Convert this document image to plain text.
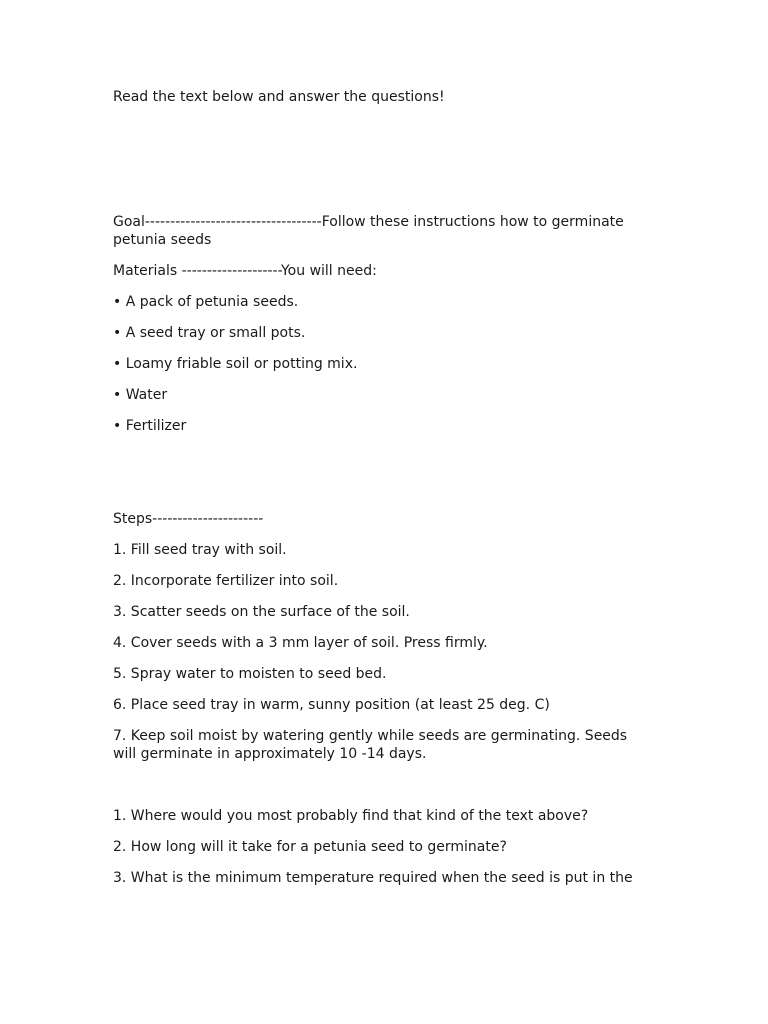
Read the text below and answer the questions!
Goal-----------------------------------Follow these instructions how to germinate petunia seeds
Materials --------------------You will need:
• A pack of petunia seeds.
• A seed tray or small pots.
• Loamy friable soil or potting mix.
• Water
• Fertilizer
Steps----------------------
1. Fill seed tray with soil.
2. Incorporate fertilizer into soil.
3. Scatter seeds on the surface of the soil.
4. Cover seeds with a 3 mm layer of soil. Press firmly.
5. Spray water to moisten to seed bed.
6. Place seed tray in warm, sunny position (at least 25 deg. C)
7. Keep soil moist by watering gently while seeds are germinating. Seeds will germinate in approximately 10 -14 days.
1. Where would you most probably find that kind of the text above?
2. How long will it take for a petunia seed to germinate?
3. What is the minimum temperature required when the seed is put in the
